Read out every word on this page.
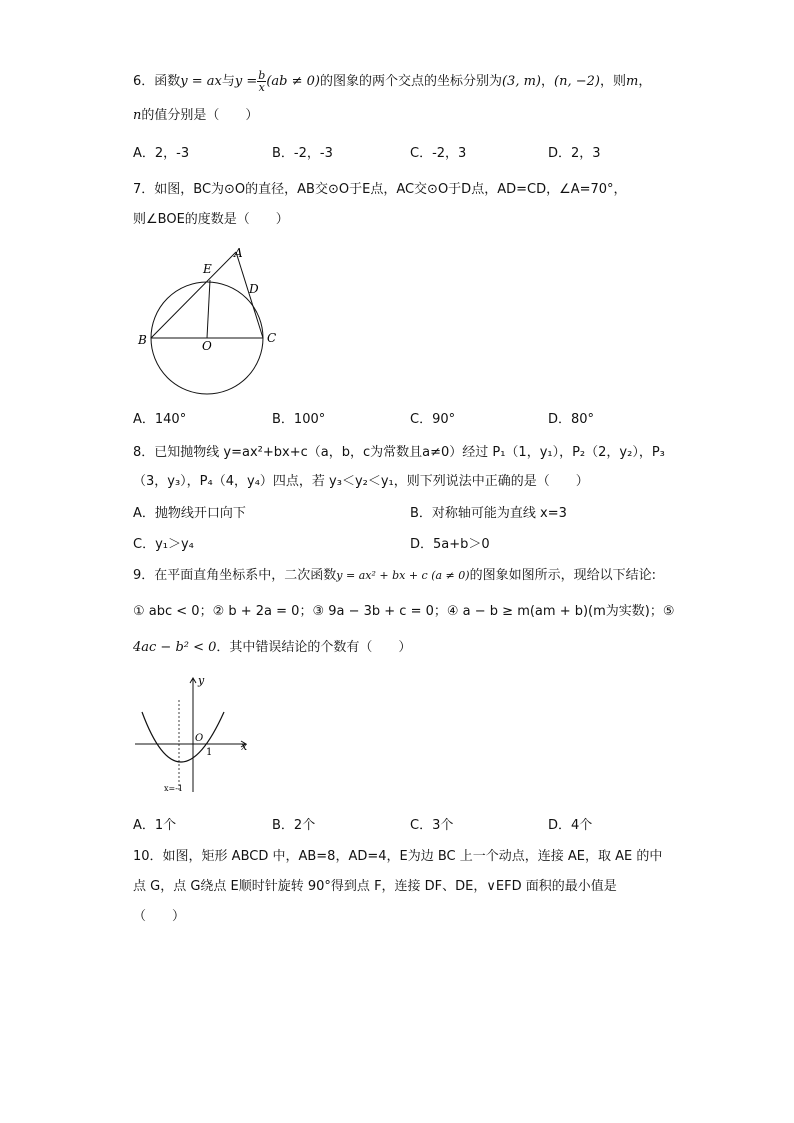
6．函数y = ax与$y = \frac{b}{x} (ab \ne 0)$的图象的两个交点的坐标分别为(3, m)，(n, −2)，则m，
n的值分别是（　　）
A．2，-3	B．-2，-3	C．-2，3	D．2，3
7．如图，BC为⊙O的直径，AB交⊙O于E点，AC交⊙O于D点，AD=CD，∠A=70°，
则∠BOE的度数是（　　）
A
E
D
B	O
C
A．140°	B．100°	C．90°	D．80°
8．已知抛物线 y=ax²+bx+c（a，b，c为常数且a≠0）经过 P₁（1，y₁），P₂（2，y₂），P₃
（3，y₃），P₄（4，y₄）四点，若 y₃＜y₂＜y₁，则下列说法中正确的是（　　）
A．抛物线开口向下	B．对称轴可能为直线 x=3
C．y₁＞y₄	D．5a+b＞0
9．在平面直角坐标系中，二次函数y = ax² + bx + c (a ≠ 0)的图象如图所示，现给以下结论:
① abc < 0；② b + 2a = 0；③ 9a − 3b + c = 0；④ a − b ≥ m(am + b)(m为实数)；⑤
4ac − b² < 0．其中错误结论的个数有（　　）
y
x
O
1
x=-1
A．1个	B．2个	C．3个	D．4个
10．如图，矩形 ABCD 中，AB=8，AD=4，E为边 BC 上一个动点，连接 AE，取 AE 的中
点 G，点 G绕点 E顺时针旋转 90°得到点 F，连接 DF、DE，∨EFD 面积的最小值是
（　　）
